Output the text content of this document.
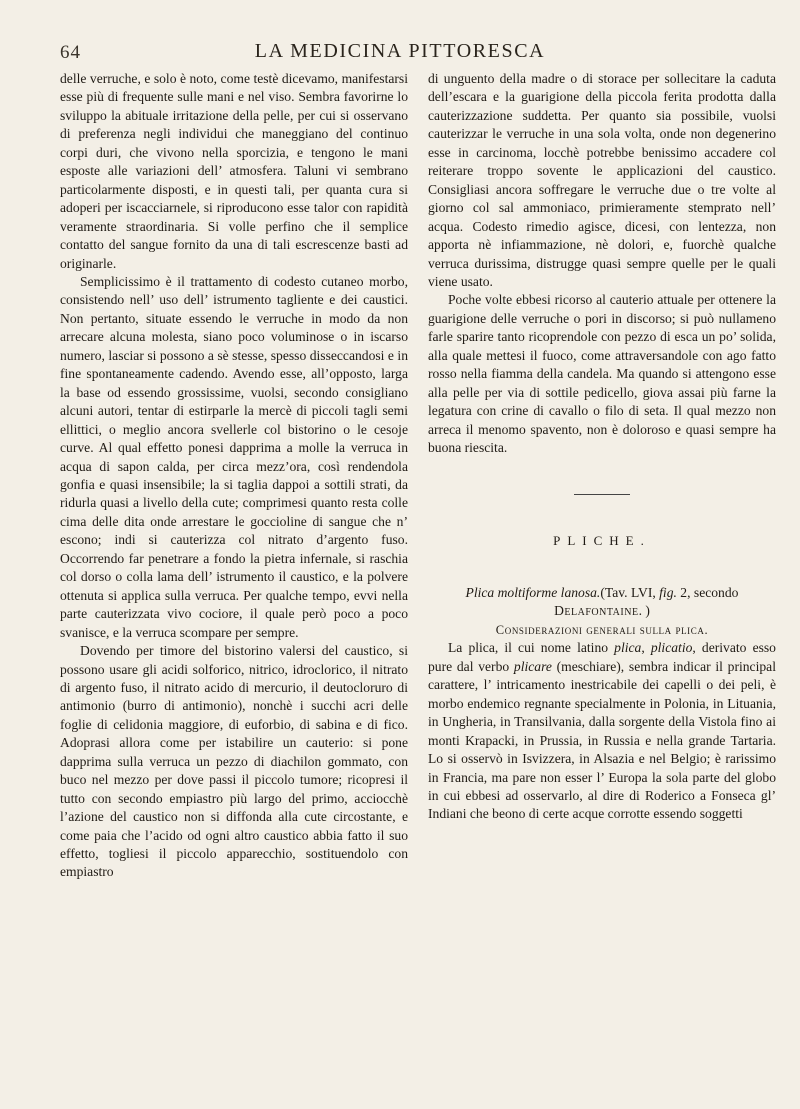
64	LA MEDICINA PITTORESCA

delle verruche, e solo è noto, come testè dicevamo, manifestarsi esse più di frequente sulle mani e nel viso. Sembra favorirne lo sviluppo la abituale irritazione della pelle, per cui si osservano di preferenza negli individui che maneggiano del continuo corpi duri, che vivono nella sporcizia, e tengono le mani esposte alle variazioni dell’ atmosfera. Taluni vi sembrano particolarmente disposti, e in questi tali, per quanta cura si adoperi per iscacciarnele, si riproducono esse talor con rapidità veramente straordinaria. Si volle perfino che il semplice contatto del sangue fornito da una di tali escrescenze basti ad originarle.

Semplicissimo è il trattamento di codesto cutaneo morbo, consistendo nell’ uso dell’ istrumento tagliente e dei caustici. Non pertanto, situate essendo le verruche in modo da non arrecare alcuna molesta, siano poco voluminose o in iscarso numero, lasciar si possono a sè stesse, spesso disseccandosi e in fine spontaneamente cadendo. Avendo esse, all’opposto, larga la base od essendo grossissime, vuolsi, secondo consigliano alcuni autori, tentar di estirparle la mercè di piccoli tagli semi ellittici, o meglio ancora svellerle col bistorino o le cesoje curve. Al qual effetto ponesi dapprima a molle la verruca in acqua di sapon calda, per circa mezz’ora, così rendendola gonfia e quasi insensibile; la si taglia dappoi a sottili strati, da ridurla quasi a livello della cute; comprimesi quanto resta colle cima delle dita onde arrestare le goccioline di sangue che n’ escono; indi si cauterizza col nitrato d’argento fuso. Occorrendo far penetrare a fondo la pietra infernale, si raschia col dorso o colla lama dell’ istrumento il caustico, e la polvere ottenuta si applica sulla verruca. Per qualche tempo, evvi nella parte cauterizzata vivo cociore, il quale però poco a poco svanisce, e la verruca scompare per sempre.

Dovendo per timore del bistorino valersi del caustico, si possono usare gli acidi solforico, nitrico, idroclorico, il nitrato di argento fuso, il nitrato acido di mercurio, il deutocloruro di antimonio (burro di antimonio), nonchè i succhi acri delle foglie di celidonia maggiore, di euforbio, di sabina e di fico. Adoprasi allora come per istabilire un cauterio: si pone dapprima sulla verruca un pezzo di diachilon gommato, con buco nel mezzo per dove passi il piccolo tumore; ricopresi il tutto con secondo empiastro più largo del primo, acciocchè l’azione del caustico non si diffonda alla cute circostante, e come paia che l’acido od ogni altro caustico abbia fatto il suo effetto, togliesi il piccolo apparecchio, sostituendolo con empiastro

di unguento della madre o di storace per sollecitare la caduta dell’escara e la guarigione della piccola ferita prodotta dalla cauterizzazione suddetta. Per quanto sia possibile, vuolsi cauterizzar le verruche in una sola volta, onde non degenerino esse in carcinoma, locchè potrebbe benissimo accadere col reiterare troppo sovente le applicazioni del caustico. Consigliasi ancora soffregare le verruche due o tre volte al giorno col sal ammoniaco, primieramente stemprato nell’ acqua. Codesto rimedio agisce, dicesi, con lentezza, non apporta nè infiammazione, nè dolori, e, fuorchè qualche verruca durissima, distrugge quasi sempre quelle per le quali viene usato.

Poche volte ebbesi ricorso al cauterio attuale per ottenere la guarigione delle verruche o pori in discorso; si può nullameno farle sparire tanto ricoprendole con pezzo di esca un po’ solida, alla quale mettesi il fuoco, come attraversandole con ago fatto rosso nella fiamma della candela. Ma quando si attengono esse alla pelle per via di sottile pedicello, giova assai più farne la legatura con crine di cavallo o filo di seta. Il qual mezzo non arreca il menomo spavento, non è doloroso e quasi sempre ha buona riescita.

PLICHE.

Plica moltiforme lanosa.(Tav. LVI, fig. 2, secondo Delafontaine. )

Considerazioni generali sulla plica.

La plica, il cui nome latino plica, plicatio, derivato esso pure dal verbo plicare (meschiare), sembra indicar il principal carattere, l’ intricamento inestricabile dei capelli o dei peli, è morbo endemico regnante specialmente in Polonia, in Lituania, in Ungheria, in Transilvania, dalla sorgente della Vistola fino ai monti Krapacki, in Prussia, in Russia e nella grande Tartaria. Lo si osservò in Isvizzera, in Alsazia e nel Belgio; è rarissimo in Francia, ma pare non esser l’ Europa la sola parte del globo in cui ebbesi ad osservarlo, al dire di Roderico a Fonseca gl’ Indiani che beono di certe acque corrotte essendo soggetti
